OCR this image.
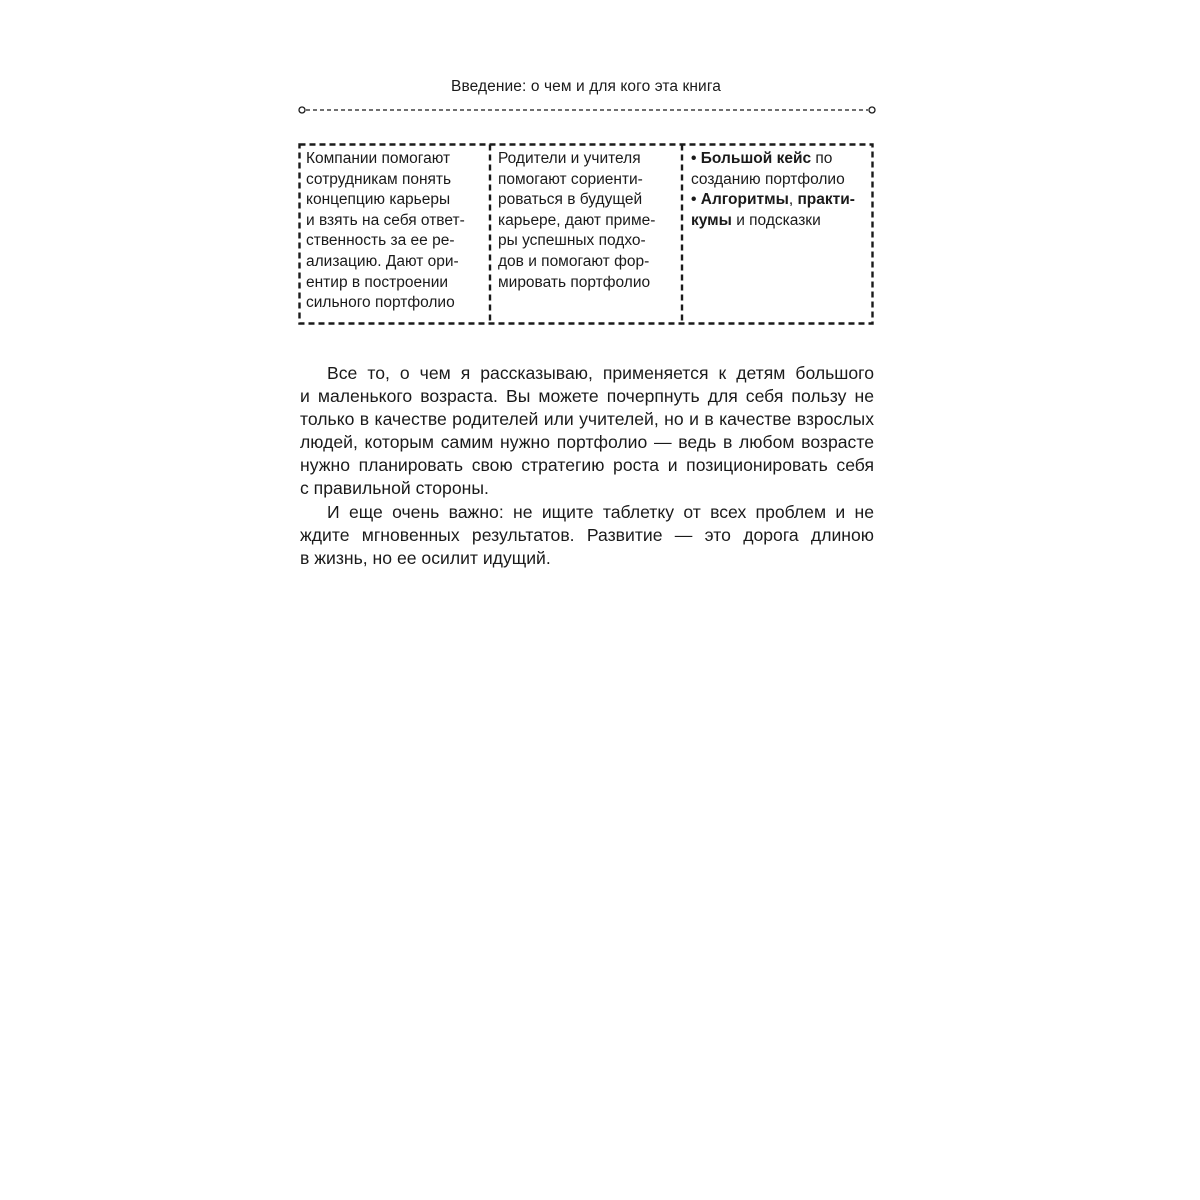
Введение: о чем и для кого эта книга
Компании помогают
сотрудникам понять
концепцию карьеры
и взять на себя ответ-
ственность за ее ре-
ализацию. Дают ори-
ентир в построении
сильного портфолио
Родители и учителя
помогают сориенти-
роваться в будущей
карьере, дают приме-
ры успешных подхо-
дов и помогают фор-
мировать портфолио
• Большой кейс по
созданию портфолио
• Алгоритмы, практи-
кумы и подсказки
Все то, о чем я рассказываю, применяется к детям большого
и маленького возраста. Вы можете почерпнуть для себя пользу не
только в качестве родителей или учителей, но и в качестве взрослых
людей, которым самим нужно портфолио — ведь в любом возрасте
нужно планировать свою стратегию роста и позиционировать себя
с правильной стороны.
И еще очень важно: не ищите таблетку от всех проблем и не
ждите мгновенных результатов. Развитие — это дорога длиною
в жизнь, но ее осилит идущий.
